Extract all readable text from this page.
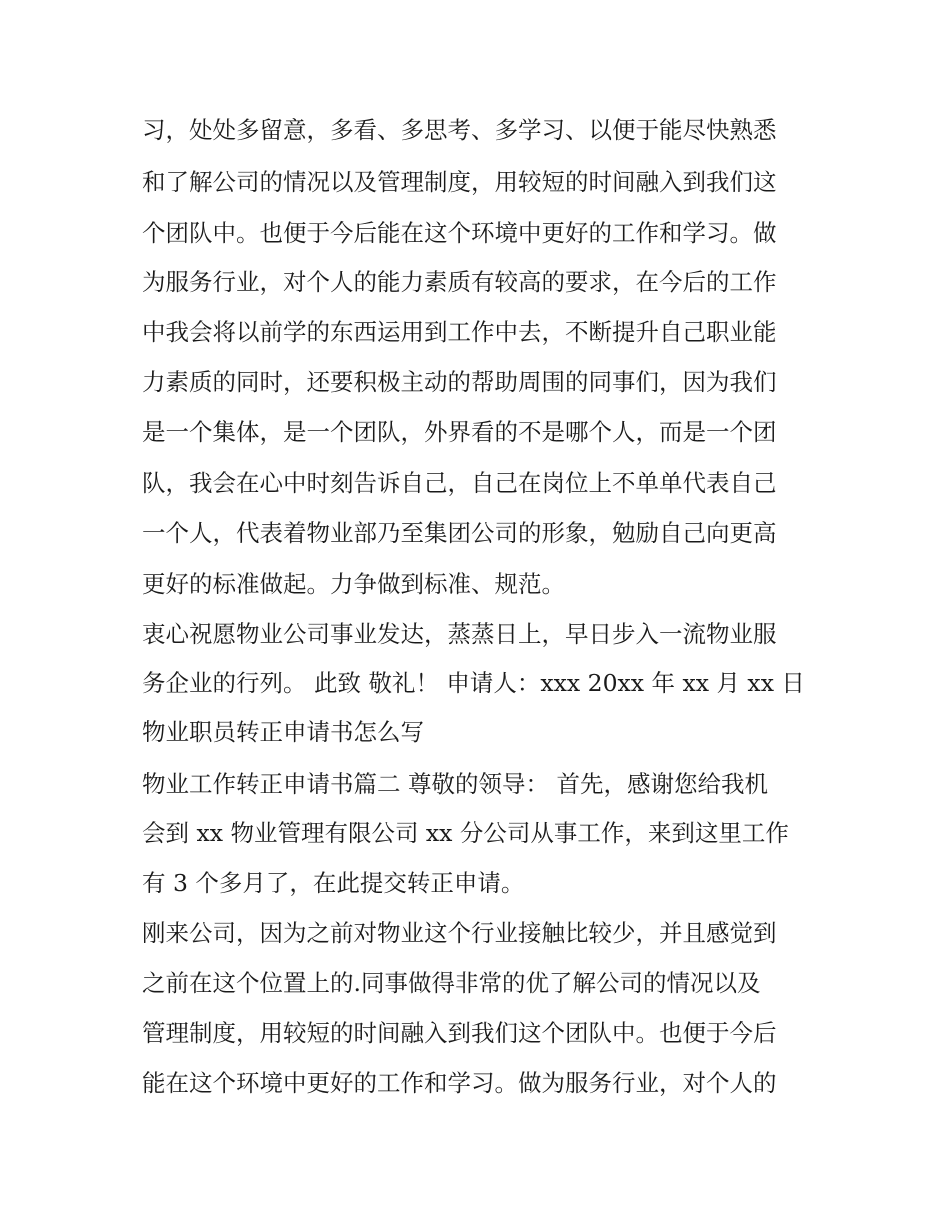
习，处处多留意，多看、多思考、多学习、以便于能尽快熟悉
和了解公司的情况以及管理制度，用较短的时间融入到我们这
个团队中。也便于今后能在这个环境中更好的工作和学习。做
为服务行业，对个人的能力素质有较高的要求，在今后的工作
中我会将以前学的东西运用到工作中去，不断提升自己职业能
力素质的同时，还要积极主动的帮助周围的同事们，因为我们
是一个集体，是一个团队，外界看的不是哪个人，而是一个团
队，我会在心中时刻告诉自己，自己在岗位上不单单代表自己
一个人，代表着物业部乃至集团公司的形象，勉励自己向更高
更好的标准做起。力争做到标准、规范。
衷心祝愿物业公司事业发达，蒸蒸日上，早日步入一流物业服
务企业的行列。 此致 敬礼！ 申请人：xxx 20xx 年 xx 月 xx 日
物业职员转正申请书怎么写
物业工作转正申请书篇二 尊敬的领导： 首先，感谢您给我机
会到 xx 物业管理有限公司 xx 分公司从事工作，来到这里工作
有 3 个多月了，在此提交转正申请。
刚来公司，因为之前对物业这个行业接触比较少，并且感觉到
之前在这个位置上的.同事做得非常的优了解公司的情况以及
管理制度，用较短的时间融入到我们这个团队中。也便于今后
能在这个环境中更好的工作和学习。做为服务行业，对个人的
